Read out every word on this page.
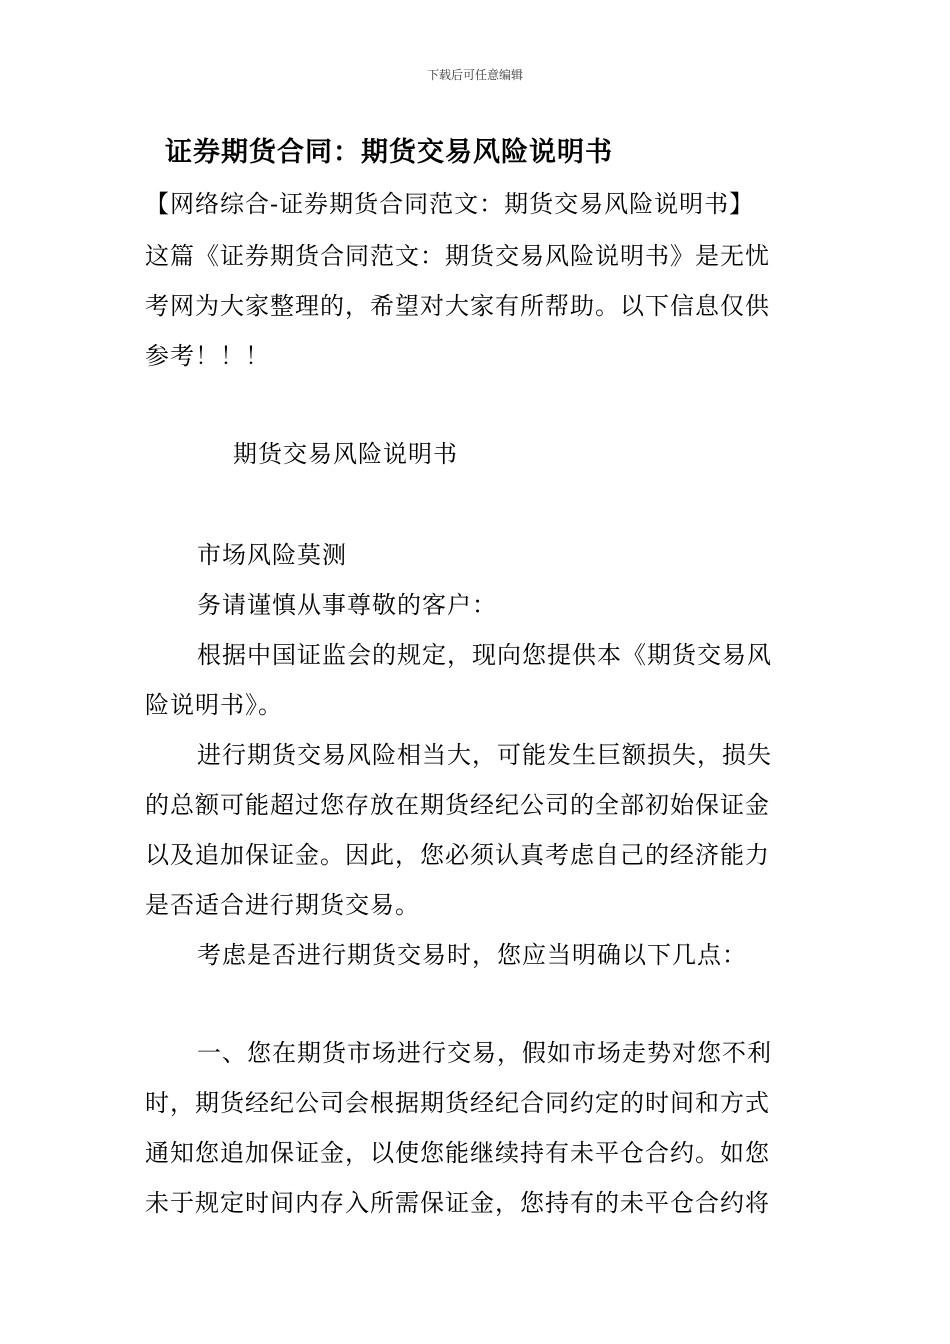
下载后可任意编辑
证券期货合同：期货交易风险说明书
【网络综合-证券期货合同范文：期货交易风险说明书】
这篇《证券期货合同范文：期货交易风险说明书》是无忧
考网为大家整理的，希望对大家有所帮助。以下信息仅供
参考！！！
期货交易风险说明书
市场风险莫测
务请谨慎从事尊敬的客户：
根据中国证监会的规定，现向您提供本《期货交易风
险说明书》。
进行期货交易风险相当大，可能发生巨额损失，损失
的总额可能超过您存放在期货经纪公司的全部初始保证金
以及追加保证金。因此，您必须认真考虑自己的经济能力
是否适合进行期货交易。
考虑是否进行期货交易时，您应当明确以下几点：
一、您在期货市场进行交易，假如市场走势对您不利
时，期货经纪公司会根据期货经纪合同约定的时间和方式
通知您追加保证金，以使您能继续持有未平仓合约。如您
未于规定时间内存入所需保证金，您持有的未平仓合约将
